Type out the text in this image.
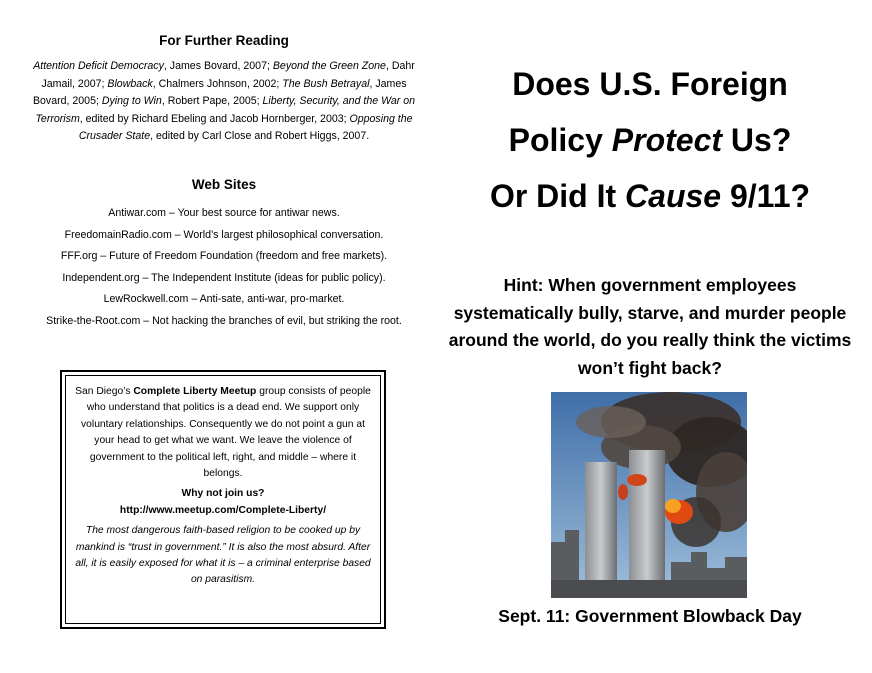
For Further Reading
Attention Deficit Democracy, James Bovard, 2007; Beyond the Green Zone, Dahr Jamail, 2007; Blowback, Chalmers Johnson, 2002; The Bush Betrayal, James Bovard, 2005; Dying to Win, Robert Pape, 2005; Liberty, Security, and the War on Terrorism, edited by Richard Ebeling and Jacob Hornberger, 2003; Opposing the Crusader State, edited by Carl Close and Robert Higgs, 2007.
Web Sites
Antiwar.com – Your best source for antiwar news.
FreedomainRadio.com – World’s largest philosophical conversation.
FFF.org – Future of Freedom Foundation (freedom and free markets).
Independent.org – The Independent Institute (ideas for public policy).
LewRockwell.com – Anti-sate, anti-war, pro-market.
Strike-the-Root.com – Not hacking the branches of evil, but striking the root.
San Diego’s Complete Liberty Meetup group consists of people who understand that politics is a dead end. We support only voluntary relationships. Consequently we do not point a gun at your head to get what we want. We leave the violence of government to the political left, right, and middle – where it belongs.
Why not join us?
http://www.meetup.com/Complete-Liberty/
The most dangerous faith-based religion to be cooked up by mankind is “trust in government.” It is also the most absurd. After all, it is easily exposed for what it is – a criminal enterprise based on parasitism.
Does U.S. Foreign
Policy Protect Us?
Or Did It Cause 9/11?
Hint: When government employees systematically bully, starve, and murder people around the world, do you really think the victims won’t fight back?
Sept. 11: Government Blowback Day
